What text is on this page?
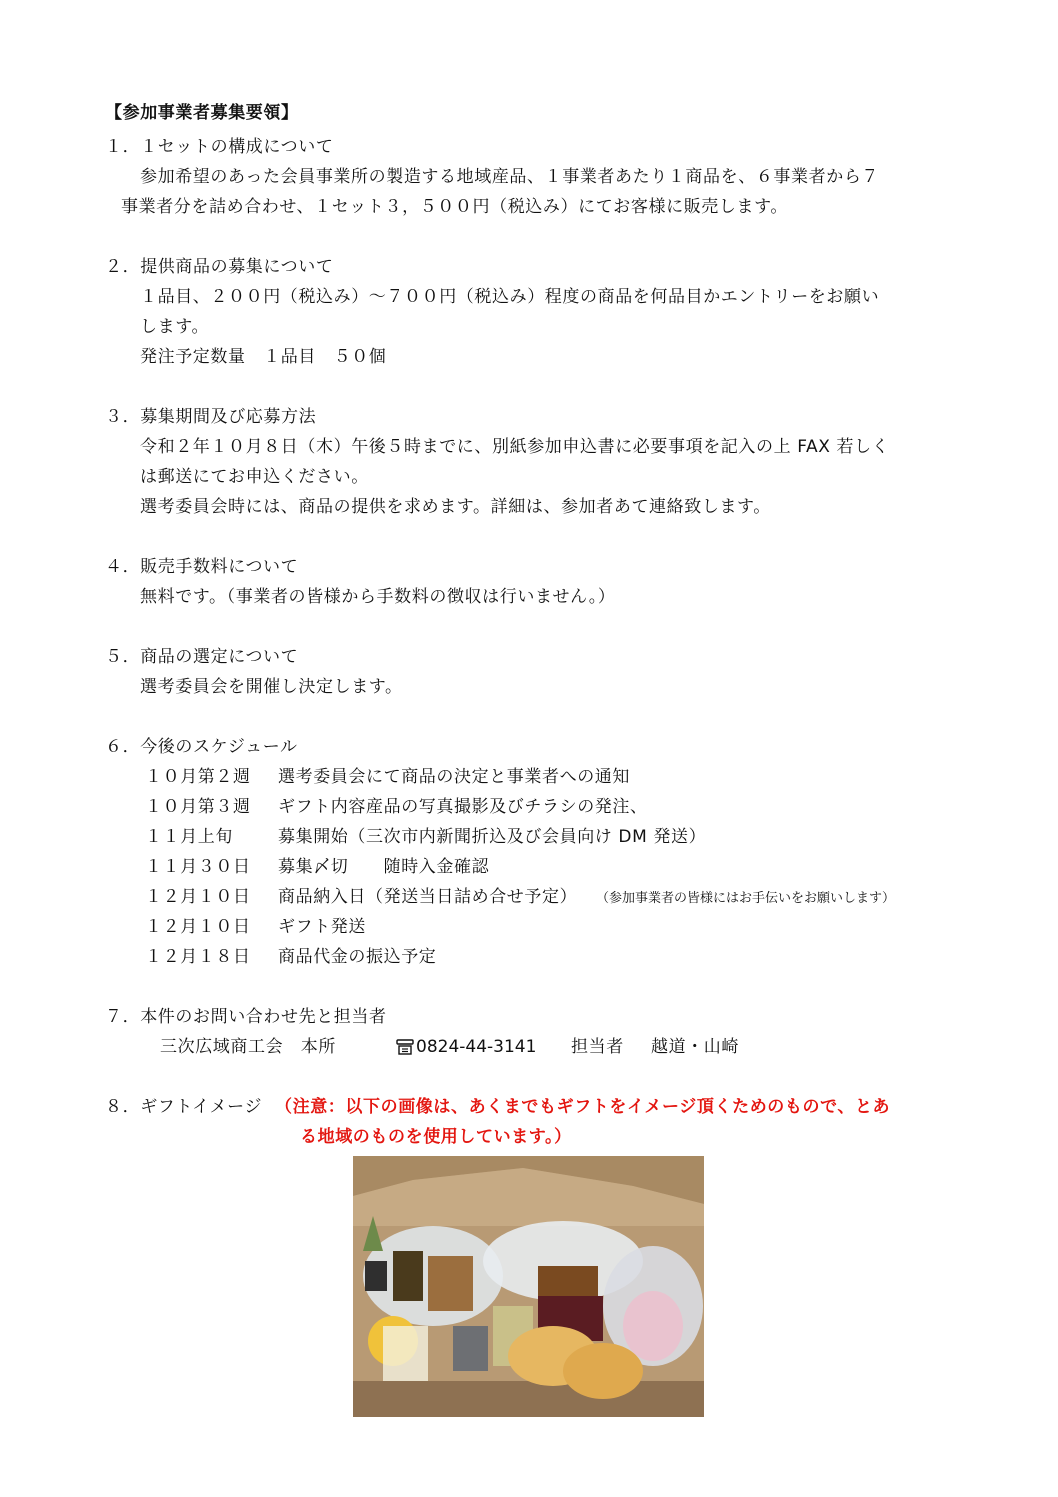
【参加事業者募集要領】
１．１セットの構成について
参加希望のあった会員事業所の製造する地域産品、１事業者あたり１商品を、６事業者から７
事業者分を詰め合わせ、１セット３，５００円（税込み）にてお客様に販売します。
２．提供商品の募集について
１品目、２００円（税込み）～７００円（税込み）程度の商品を何品目かエントリーをお願い
します。
発注予定数量　１品目　５０個
３．募集期間及び応募方法
令和２年１０月８日（木）午後５時までに、別紙参加申込書に必要事項を記入の上 FAX 若しく
は郵送にてお申込ください。
選考委員会時には、商品の提供を求めます。詳細は、参加者あて連絡致します。
４．販売手数料について
無料です。（事業者の皆様から手数料の徴収は行いません。）
５．商品の選定について
選考委員会を開催し決定します。
６．今後のスケジュール
１０月第２週 選考委員会にて商品の決定と事業者への通知
１０月第３週 ギフト内容産品の写真撮影及びチラシの発注、
１１月上旬	募集開始（三次市内新聞折込及び会員向け DM 発送）
１１月３０日 募集〆切　　随時入金確認
１２月１０日 商品納入日（発送当日詰め合せ予定） （参加事業者の皆様にはお手伝いをお願いします）
１２月１０日 ギフト発送
１２月１８日 商品代金の振込予定
７．本件のお問い合わせ先と担当者
三次広域商工会　本所	0824-44-3141 担当者 越道・山崎
８．ギフトイメージ （注意：以下の画像は、あくまでもギフトをイメージ頂くためのもので、とあ
る地域のものを使用しています。）
